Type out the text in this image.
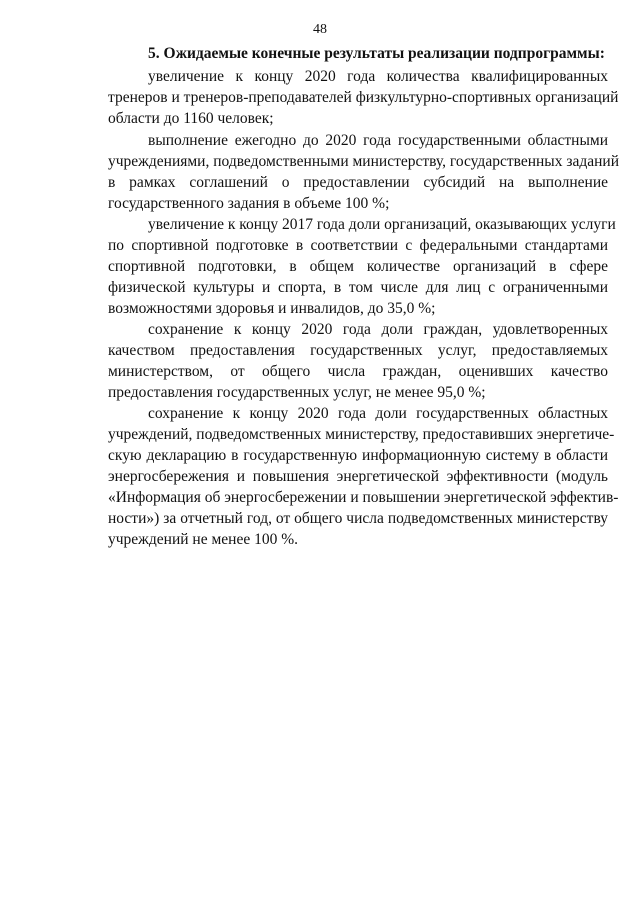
48
5. Ожидаемые конечные результаты реализации подпрограммы:
увеличение к концу 2020 года количества квалифицированных
тренеров и тренеров-преподавателей физкультурно-спортивных организаций
области до 1160 человек;
выполнение ежегодно до 2020 года государственными областными
учреждениями, подведомственными министерству, государственных заданий
в рамках соглашений о предоставлении субсидий на выполнение
государственного задания в объеме 100 %;
увеличение к концу 2017 года доли организаций, оказывающих услуги
по спортивной подготовке в соответствии с федеральными стандартами
спортивной подготовки, в общем количестве организаций в сфере
физической культуры и спорта, в том числе для лиц с ограниченными
возможностями здоровья и инвалидов, до 35,0 %;
сохранение к концу 2020 года доли граждан, удовлетворенных
качеством предоставления государственных услуг, предоставляемых
министерством, от общего числа граждан, оценивших качество
предоставления государственных услуг, не менее 95,0 %;
сохранение к концу 2020 года доли государственных областных
учреждений, подведомственных министерству, предоставивших энергетиче-
скую декларацию в государственную информационную систему в области
энергосбережения и повышения энергетической эффективности (модуль
«Информация об энергосбережении и повышении энергетической эффектив-
ности») за отчетный год, от общего числа подведомственных министерству
учреждений не менее 100 %.
